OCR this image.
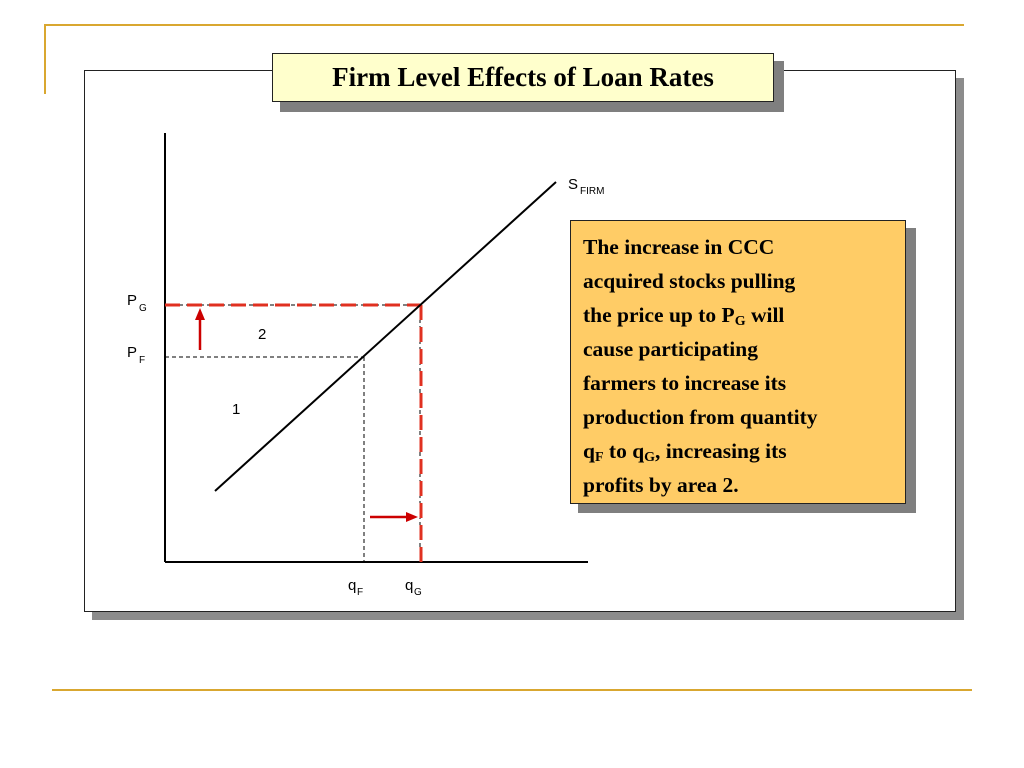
S FIRM
P G
P F
q F	q G
2
1
Firm Level Effects of Loan Rates
The increase in CCC
acquired stocks pulling
the price up to $P_G$ will
cause participating
farmers to increase its
production from quantity
$q_F$ to $q_G$, increasing its
profits by area 2.
